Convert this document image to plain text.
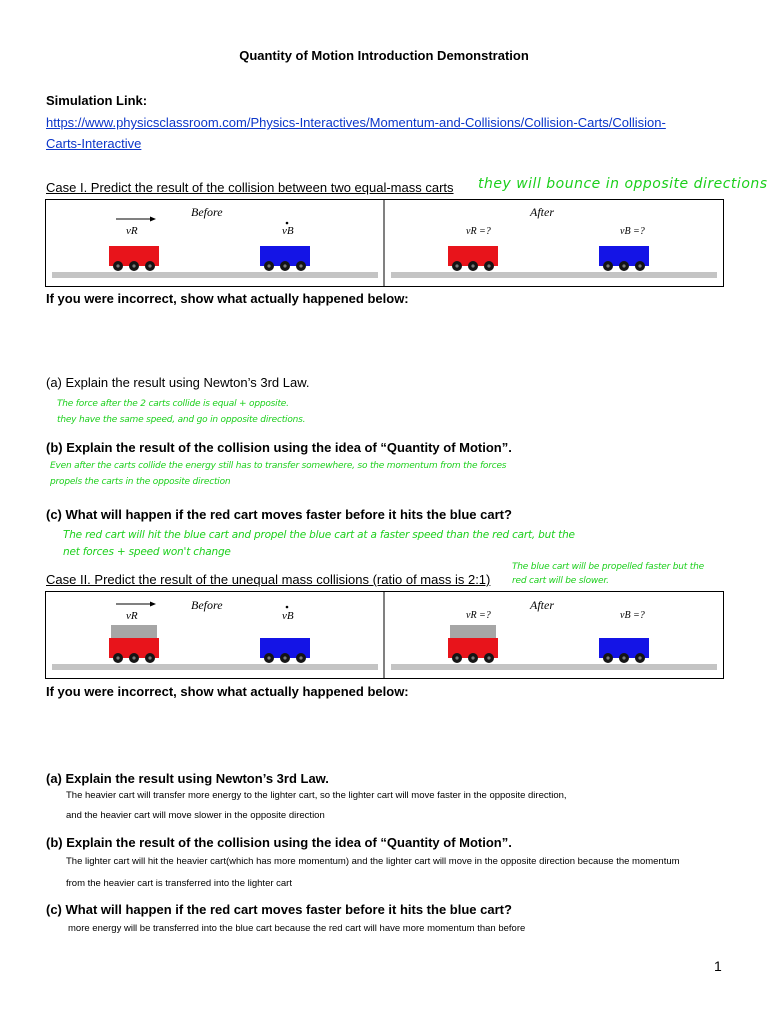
Quantity of Motion Introduction Demonstration
Simulation Link:
https://www.physicsclassroom.com/Physics-Interactives/Momentum-and-Collisions/Collision-Carts/Collision-
Carts-Interactive
Case I. Predict the result of the collision between two equal-mass carts they will bounce in opposite directions
Before
vR	vB
After
vR =?	vB =?
If you were incorrect, show what actually happened below:
(a) Explain the result using Newton’s 3rd Law.
The force after the 2 carts collide is equal + opposite.
they have the same speed, and go in opposite directions.
(b) Explain the result of the collision using the idea of “Quantity of Motion”.
Even after the carts collide the energy still has to transfer somewhere, so the momentum from the forces
propels the carts in the opposite direction
(c) What will happen if the red cart moves faster before it hits the blue cart?
The red cart will hit the blue cart and propel the blue cart at a faster speed than the red cart, but the
net forces + speed won't change
Case II. Predict the result of the unequal mass collisions (ratio of mass is 2:1)
The blue cart will be propelled faster but the
red cart will be slower.
Before
vR	vB
After
vR =?	vB =?
If you were incorrect, show what actually happened below:
(a) Explain the result using Newton’s 3rd Law.
The heavier cart will transfer more energy to the lighter cart, so the lighter cart will move faster in the opposite direction,
and the heavier cart will move slower in the opposite direction
(b) Explain the result of the collision using the idea of “Quantity of Motion”.
The lighter cart will hit the heavier cart(which has more momentum) and the lighter cart will move in the opposite direction because the momentum
from the heavier cart is transferred into the lighter cart
(c) What will happen if the red cart moves faster before it hits the blue cart?
more energy will be transferred into the blue cart because the red cart will have more momentum than before
1
